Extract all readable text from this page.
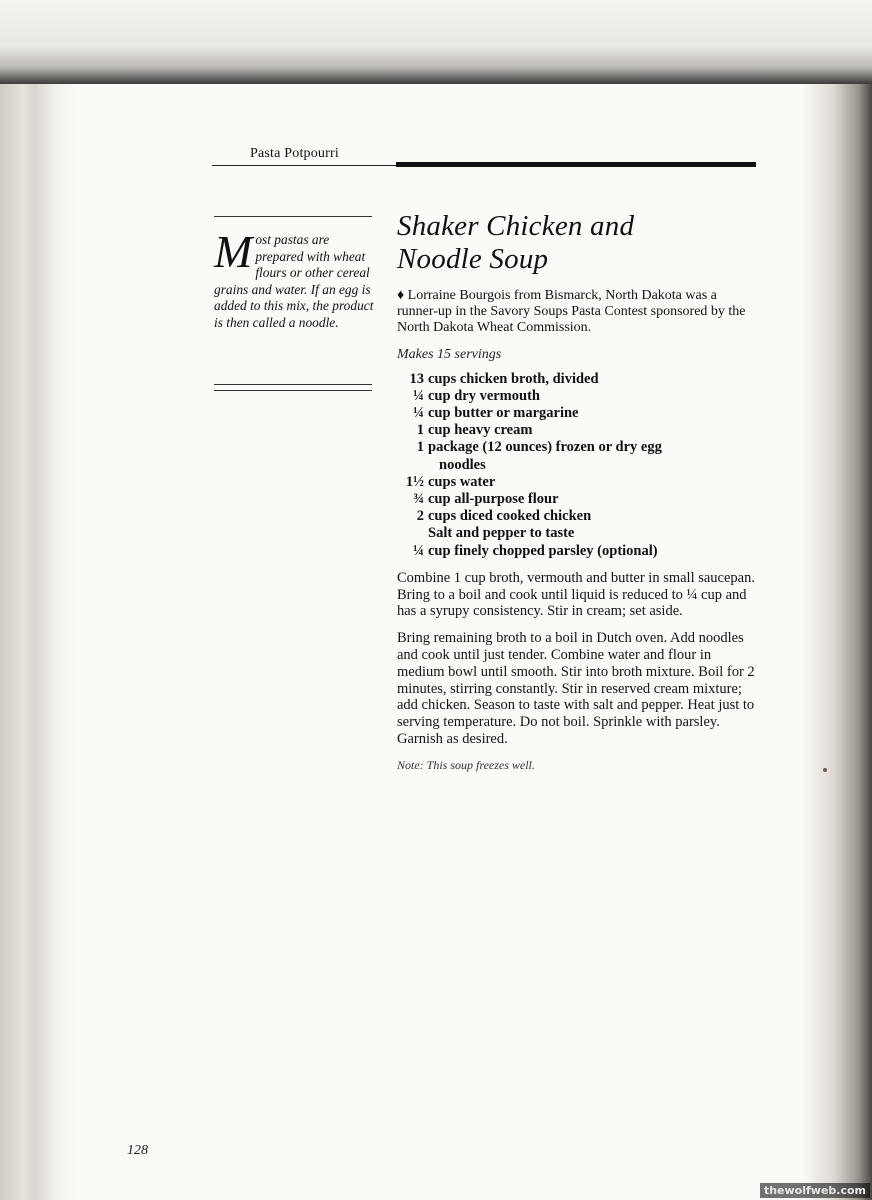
Pasta Potpourri
M ost pastas are prepared with wheat flours or other cereal grains and water. If an egg is added to this mix, the product is then called a noodle.
Shaker Chicken and
Noodle Soup

♦ Lorraine Bourgois from Bismarck, North Dakota was a runner-up in the Savory Soups Pasta Contest sponsored by the North Dakota Wheat Commission.

Makes 15 servings

13 cups chicken broth, divided
¼ cup dry vermouth
¼ cup butter or margarine
1 cup heavy cream
1 package (12 ounces) frozen or dry egg
noodles
1½ cups water
¾ cup all-purpose flour
2 cups diced cooked chicken
Salt and pepper to taste
¼ cup finely chopped parsley (optional)

Combine 1 cup broth, vermouth and butter in small saucepan. Bring to a boil and cook until liquid is reduced to ¼ cup and has a syrupy consistency. Stir in cream; set aside.

Bring remaining broth to a boil in Dutch oven. Add noodles and cook until just tender. Combine water and flour in medium bowl until smooth. Stir into broth mixture. Boil for 2 minutes, stirring constantly. Stir in reserved cream mixture; add chicken. Season to taste with salt and pepper. Heat just to serving temperature. Do not boil. Sprinkle with parsley. Garnish as desired.

Note: This soup freezes well.

128
thewolfweb.com
